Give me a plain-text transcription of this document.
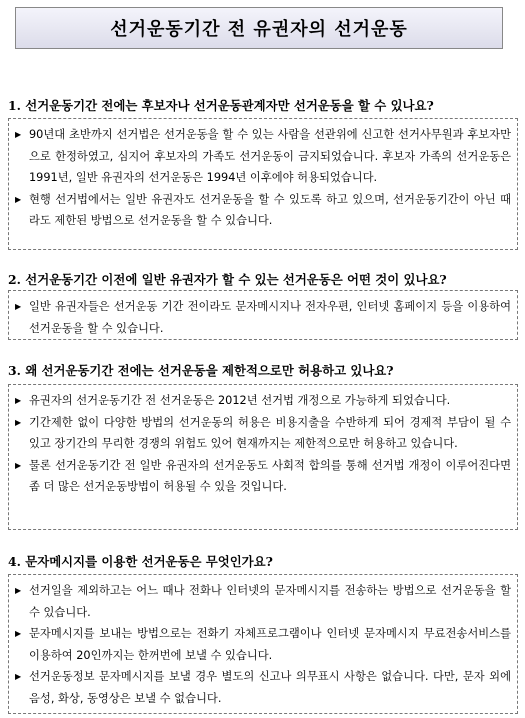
선거운동기간 전 유권자의 선거운동
1. 선거운동기간 전에는 후보자나 선거운동관계자만 선거운동을 할 수 있나요?
▶ 90년대 초반까지 선거법은 선거운동을 할 수 있는 사람을 선관위에 신고한 선거사무원과 후보자만으로 한정하였고, 심지어 후보자의 가족도 선거운동이 금지되었습니다. 후보자 가족의 선거운동은 1991년, 일반 유권자의 선거운동은 1994년 이후에야 허용되었습니다.
▶ 현행 선거법에서는 일반 유권자도 선거운동을 할 수 있도록 하고 있으며, 선거운동기간이 아닌 때라도 제한된 방법으로 선거운동을 할 수 있습니다.
2. 선거운동기간 이전에 일반 유권자가 할 수 있는 선거운동은 어떤 것이 있나요?
▶ 일반 유권자들은 선거운동 기간 전이라도 문자메시지나 전자우편, 인터넷 홈페이지 등을 이용하여 선거운동을 할 수 있습니다.
3. 왜 선거운동기간 전에는 선거운동을 제한적으로만 허용하고 있나요?
▶ 유권자의 선거운동기간 전 선거운동은 2012년 선거법 개정으로 가능하게 되었습니다.
▶ 기간제한 없이 다양한 방법의 선거운동의 허용은 비용지출을 수반하게 되어 경제적 부담이 될 수 있고 장기간의 무리한 경쟁의 위험도 있어 현재까지는 제한적으로만 허용하고 있습니다.
▶ 물론 선거운동기간 전 일반 유권자의 선거운동도 사회적 합의를 통해 선거법 개정이 이루어진다면 좀 더 많은 선거운동방법이 허용될 수 있을 것입니다.
4. 문자메시지를 이용한 선거운동은 무엇인가요?
▶ 선거일을 제외하고는 어느 때나 전화나 인터넷의 문자메시지를 전송하는 방법으로 선거운동을 할 수 있습니다.
▶ 문자메시지를 보내는 방법으로는 전화기 자체프로그램이나 인터넷 문자메시지 무료전송서비스를 이용하여 20인까지는 한꺼번에 보낼 수 있습니다.
▶ 선거운동정보 문자메시지를 보낼 경우 별도의 신고나 의무표시 사항은 없습니다. 다만, 문자 외에 음성, 화상, 동영상은 보낼 수 없습니다.
